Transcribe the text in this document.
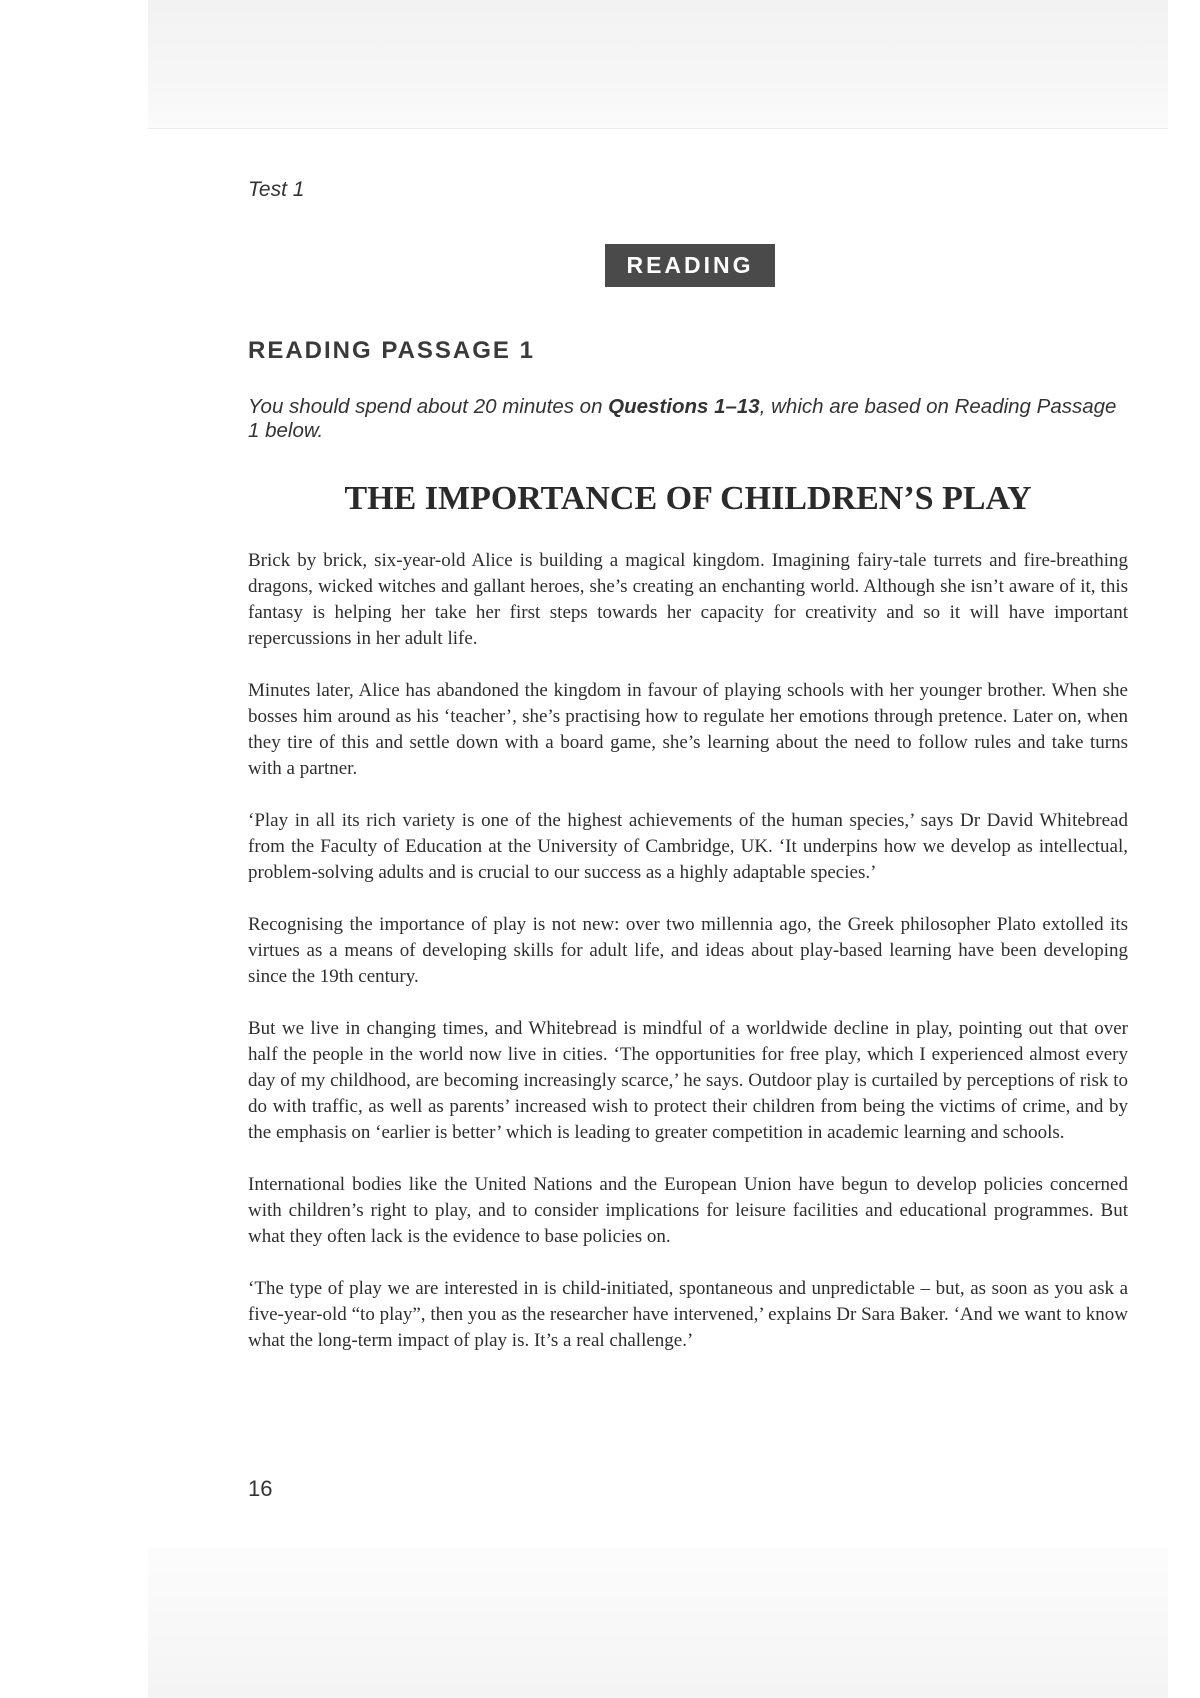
Test 1
READING
READING PASSAGE 1
You should spend about 20 minutes on Questions 1–13, which are based on Reading Passage 1 below.
THE IMPORTANCE OF CHILDREN’S PLAY

Brick by brick, six-year-old Alice is building a magical kingdom. Imagining fairy-tale turrets and fire-breathing dragons, wicked witches and gallant heroes, she’s creating an enchanting world. Although she isn’t aware of it, this fantasy is helping her take her first steps towards her capacity for creativity and so it will have important repercussions in her adult life.

Minutes later, Alice has abandoned the kingdom in favour of playing schools with her younger brother. When she bosses him around as his ‘teacher’, she’s practising how to regulate her emotions through pretence. Later on, when they tire of this and settle down with a board game, she’s learning about the need to follow rules and take turns with a partner.

‘Play in all its rich variety is one of the highest achievements of the human species,’ says Dr David Whitebread from the Faculty of Education at the University of Cambridge, UK. ‘It underpins how we develop as intellectual, problem-solving adults and is crucial to our success as a highly adaptable species.’

Recognising the importance of play is not new: over two millennia ago, the Greek philosopher Plato extolled its virtues as a means of developing skills for adult life, and ideas about play-based learning have been developing since the 19th century.

But we live in changing times, and Whitebread is mindful of a worldwide decline in play, pointing out that over half the people in the world now live in cities. ‘The opportunities for free play, which I experienced almost every day of my childhood, are becoming increasingly scarce,’ he says. Outdoor play is curtailed by perceptions of risk to do with traffic, as well as parents’ increased wish to protect their children from being the victims of crime, and by the emphasis on ‘earlier is better’ which is leading to greater competition in academic learning and schools.

International bodies like the United Nations and the European Union have begun to develop policies concerned with children’s right to play, and to consider implications for leisure facilities and educational programmes. But what they often lack is the evidence to base policies on.

‘The type of play we are interested in is child-initiated, spontaneous and unpredictable – but, as soon as you ask a five-year-old “to play”, then you as the researcher have intervened,’ explains Dr Sara Baker. ‘And we want to know what the long-term impact of play is. It’s a real challenge.’

16
